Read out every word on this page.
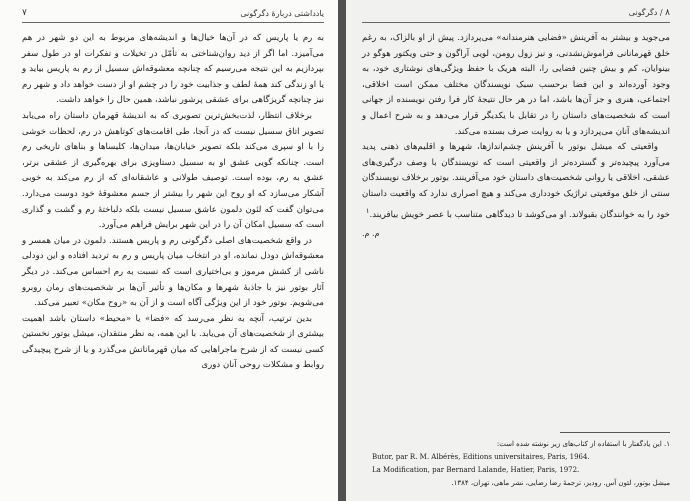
یادداشتی دربارهٔ دگرگونی
۷

به رم یا پاریس که در آن‌ها خیال‌ها و اندیشه‌های مربوط به این دو شهر در هم می‌آمیزد. اما اگر از دید روان‌شناختی به تأمّل در تخیلات و تفکرات او در طول سفر بپردازیم به این نتیجه می‌رسیم که چنانچه معشوقه‌اش سسیل از رم به پاریس بیاید و یا او زندگی کند همهٔ لطف و جذابیت خود را در چشم او از دست خواهد داد و شهر رم نیز چنانچه گریزگاهی برای عشقی پرشور نباشد، همین حال را خواهد داشت.

برخلاف انتظار، لذت‌بخش‌ترین تصویری که به اندیشهٔ قهرمان داستان راه می‌یابد تصویر اتاق سسیل نیست که در آنجا، طی اقامت‌های کوتاهش در رم، لحظات خوشی را با او سپری می‌کند بلکه تصویر خیابان‌ها، میدان‌ها، کلیساها و بناهای تاریخی رم است. چنانکه گویی عشق او به سسیل دستاویزی برای بهره‌گیری از عشقی برتر، عشق به رم، بوده است. توصیف طولانی و عاشقانه‌ای که از رم می‌کند به خوبی آشکار می‌سازد که او روح این شهر را بیشتر از جسم معشوقهٔ خود دوست می‌دارد. می‌توان گفت که لئون دلمون عاشق سسیل نیست بلکه دلباختهٔ رم و گشت و گذاری است که سسیل امکان آن را در این شهر برایش فراهم می‌آورد.

در واقع شخصیت‌های اصلی دگرگونی رم و پاریس هستند. دلمون در میان همسر و معشوقه‌اش دودل نمانده، او در انتخاب میان پاریس و رم به تردید افتاده و این دودلی ناشی از کشش مرموز و بی‌اختیاری است که نسبت به رم احساس می‌کند. در دیگر آثار بوتور نیز با جاذبهٔ شهرها و مکان‌ها و تأثیر آن‌ها بر شخصیت‌های رمان روبرو می‌شویم. بوتور خود از این ویژگی آگاه است و از آن به «روح مکان» تعبیر می‌کند.

بدین ترتیب، آنچه به نظر می‌رسد که «فضا» یا «محیط» داستان باشد اهمیت بیشتری از شخصیت‌های آن می‌یابد. با این همه، به نظر منتقدان، میشل بوتور نخستین کسی نیست که از شرح ماجراهایی که میان قهرمانانش می‌گذرد و یا از شرح پیچیدگی روابط و مشکلات روحی آنان دوری

۸ / دگرگونی

می‌جوید و بیشتر به آفرینش «فضایی هنرمندانه» می‌پردازد. پیش از او بالزاک، به رغم خلق قهرمانانی فراموش‌نشدنی، و نیز زول رومن، لویی آراگون و حتی ویکتور هوگو در بینوایان، کم و بیش چنین فضایی را، البته هریک با حفظ ویژگی‌های نوشتاری خود، به وجود آورده‌اند و این فضا برحسب سبک نویسندگان مختلف ممکن است اخلاقی، اجتماعی، هنری و جز آن‌ها باشد، اما در هر حال نتیجهٔ کار فرا رفتن نویسنده از جهانی است که شخصیت‌های داستان را در تقابل با یکدیگر قرار می‌دهد و به شرح اعمال و اندیشه‌های آنان می‌پردازد و یا به روایت صرف بسنده می‌کند.

واقعیتی که میشل بوتور با آفرینش چشم‌اندازها، شهرها و اقلیم‌های ذهنی پدید می‌آورد پیچیده‌تر و گسترده‌تر از واقعیتی است که نویسندگان با وصف درگیری‌های عشقی، اخلاقی یا روانی شخصیت‌های داستان خود می‌آفرینند. بوتور برخلاف نویسندگان سنتی از خلق موقعیتی تراژیک خودداری می‌کند و هیچ اصراری ندارد که واقعیت داستان خود را به خوانندگان بقبولاند. او می‌کوشد تا دیدگاهی متناسب با عصر خویش بیافریند.$^۱$

م. م.
۱. این یادگفتار با استفاده از کتاب‌های زیر نوشته شده است:
Butor, par R. M. Albérès, Editions universitaires, Paris, 1964.
La Modification, par Bernard Lalande, Hatier, Paris, 1972.
میشل بوتور، لئون آس. رودیز، ترجمهٔ رضا رضایی، نشر ماهی، تهران، ۱۳۸۴.
